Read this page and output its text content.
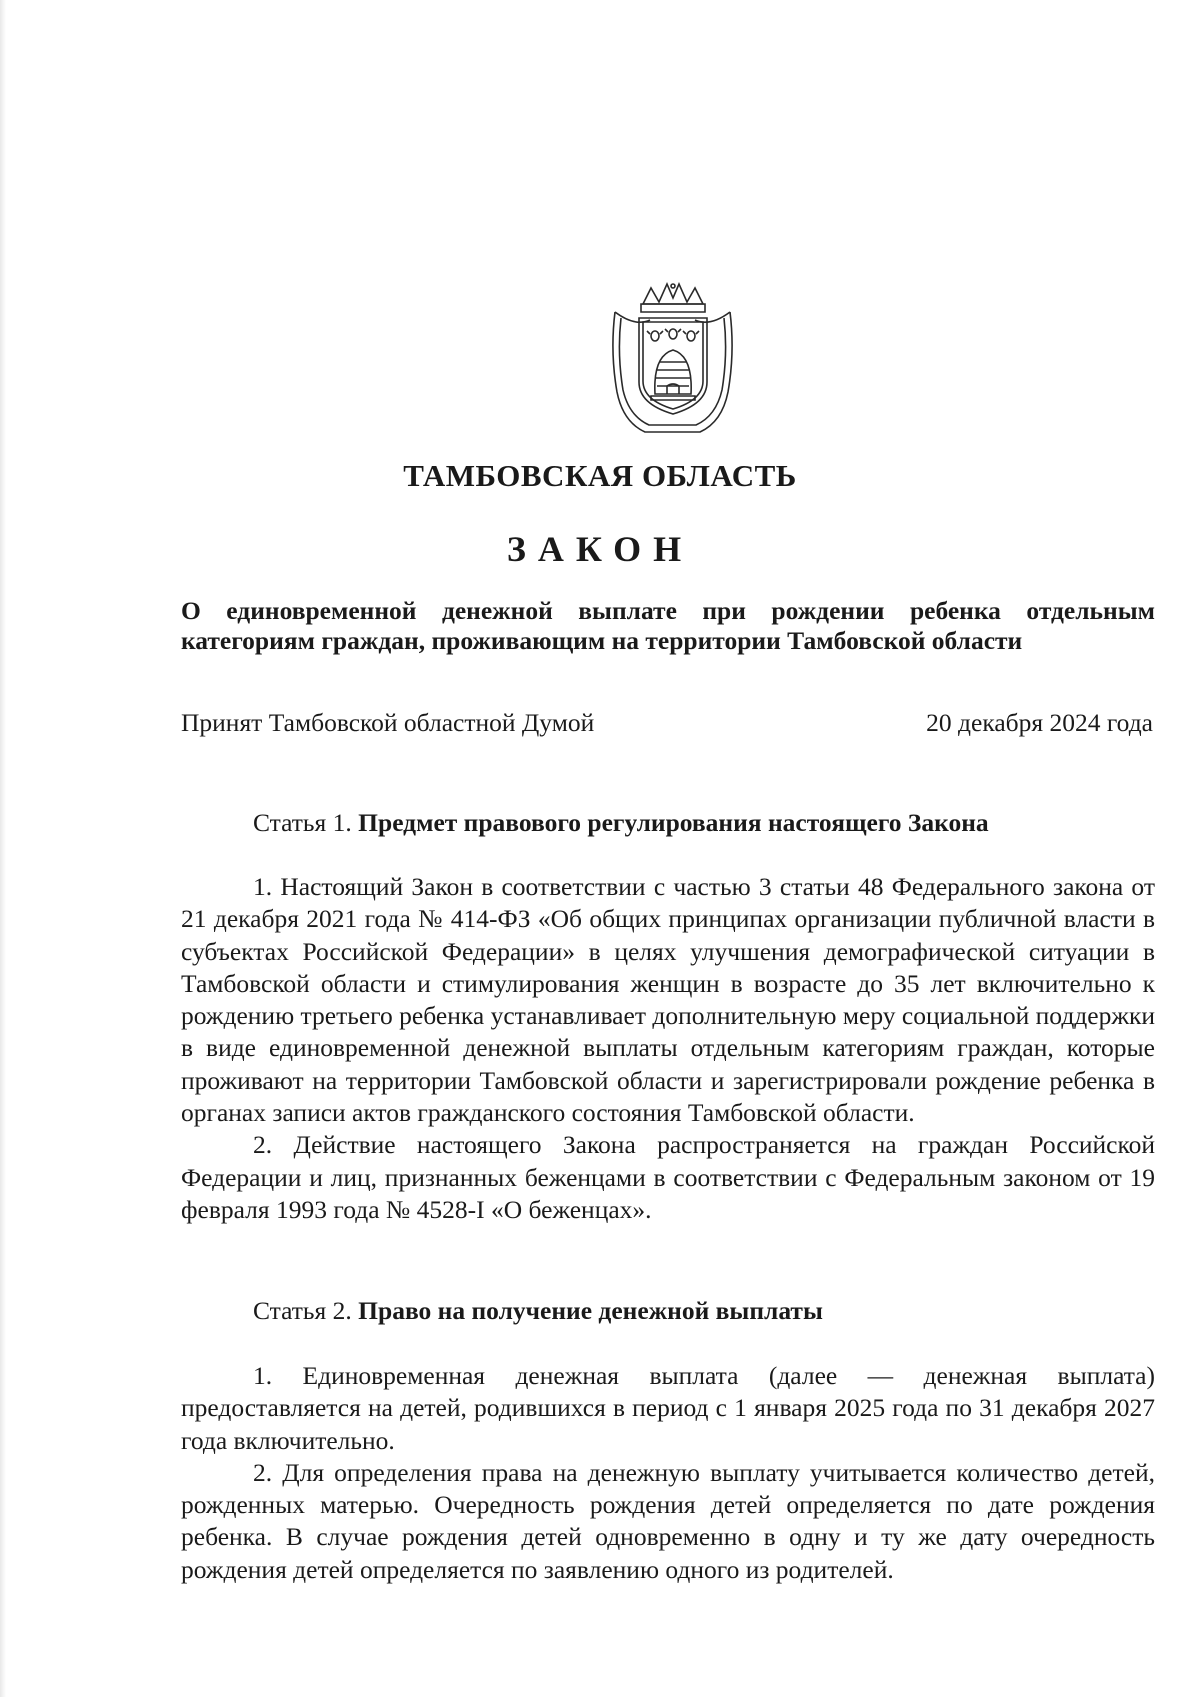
ТАМБОВСКАЯ ОБЛАСТЬ
ЗАКОН
О единовременной денежной выплате при рождении ребенка отдельным категориям граждан, проживающим на территории Тамбовской области
Принят Тамбовской областной Думой	20 декабря 2024 года
Статья 1. Предмет правового регулирования настоящего Закона

1. Настоящий Закон в соответствии с частью 3 статьи 48 Федерального закона от 21 декабря 2021 года № 414-ФЗ «Об общих принципах организации публичной власти в субъектах Российской Федерации» в целях улучшения демографической ситуации в Тамбовской области и стимулирования женщин в возрасте до 35 лет включительно к рождению третьего ребенка устанавливает дополнительную меру социальной поддержки в виде единовременной денежной выплаты отдельным категориям граждан, которые проживают на территории Тамбовской области и зарегистрировали рождение ребенка в органах записи актов гражданского состояния Тамбовской области.

2. Действие настоящего Закона распространяется на граждан Российской Федерации и лиц, признанных беженцами в соответствии с Федеральным законом от 19 февраля 1993 года № 4528-I «О беженцах».

Статья 2. Право на получение денежной выплаты

1. Единовременная денежная выплата (далее — денежная выплата) предоставляется на детей, родившихся в период с 1 января 2025 года по 31 декабря 2027 года включительно.

2. Для определения права на денежную выплату учитывается количество детей, рожденных матерью. Очередность рождения детей определяется по дате рождения ребенка. В случае рождения детей одновременно в одну и ту же дату очередность рождения детей определяется по заявлению одного из родителей.
